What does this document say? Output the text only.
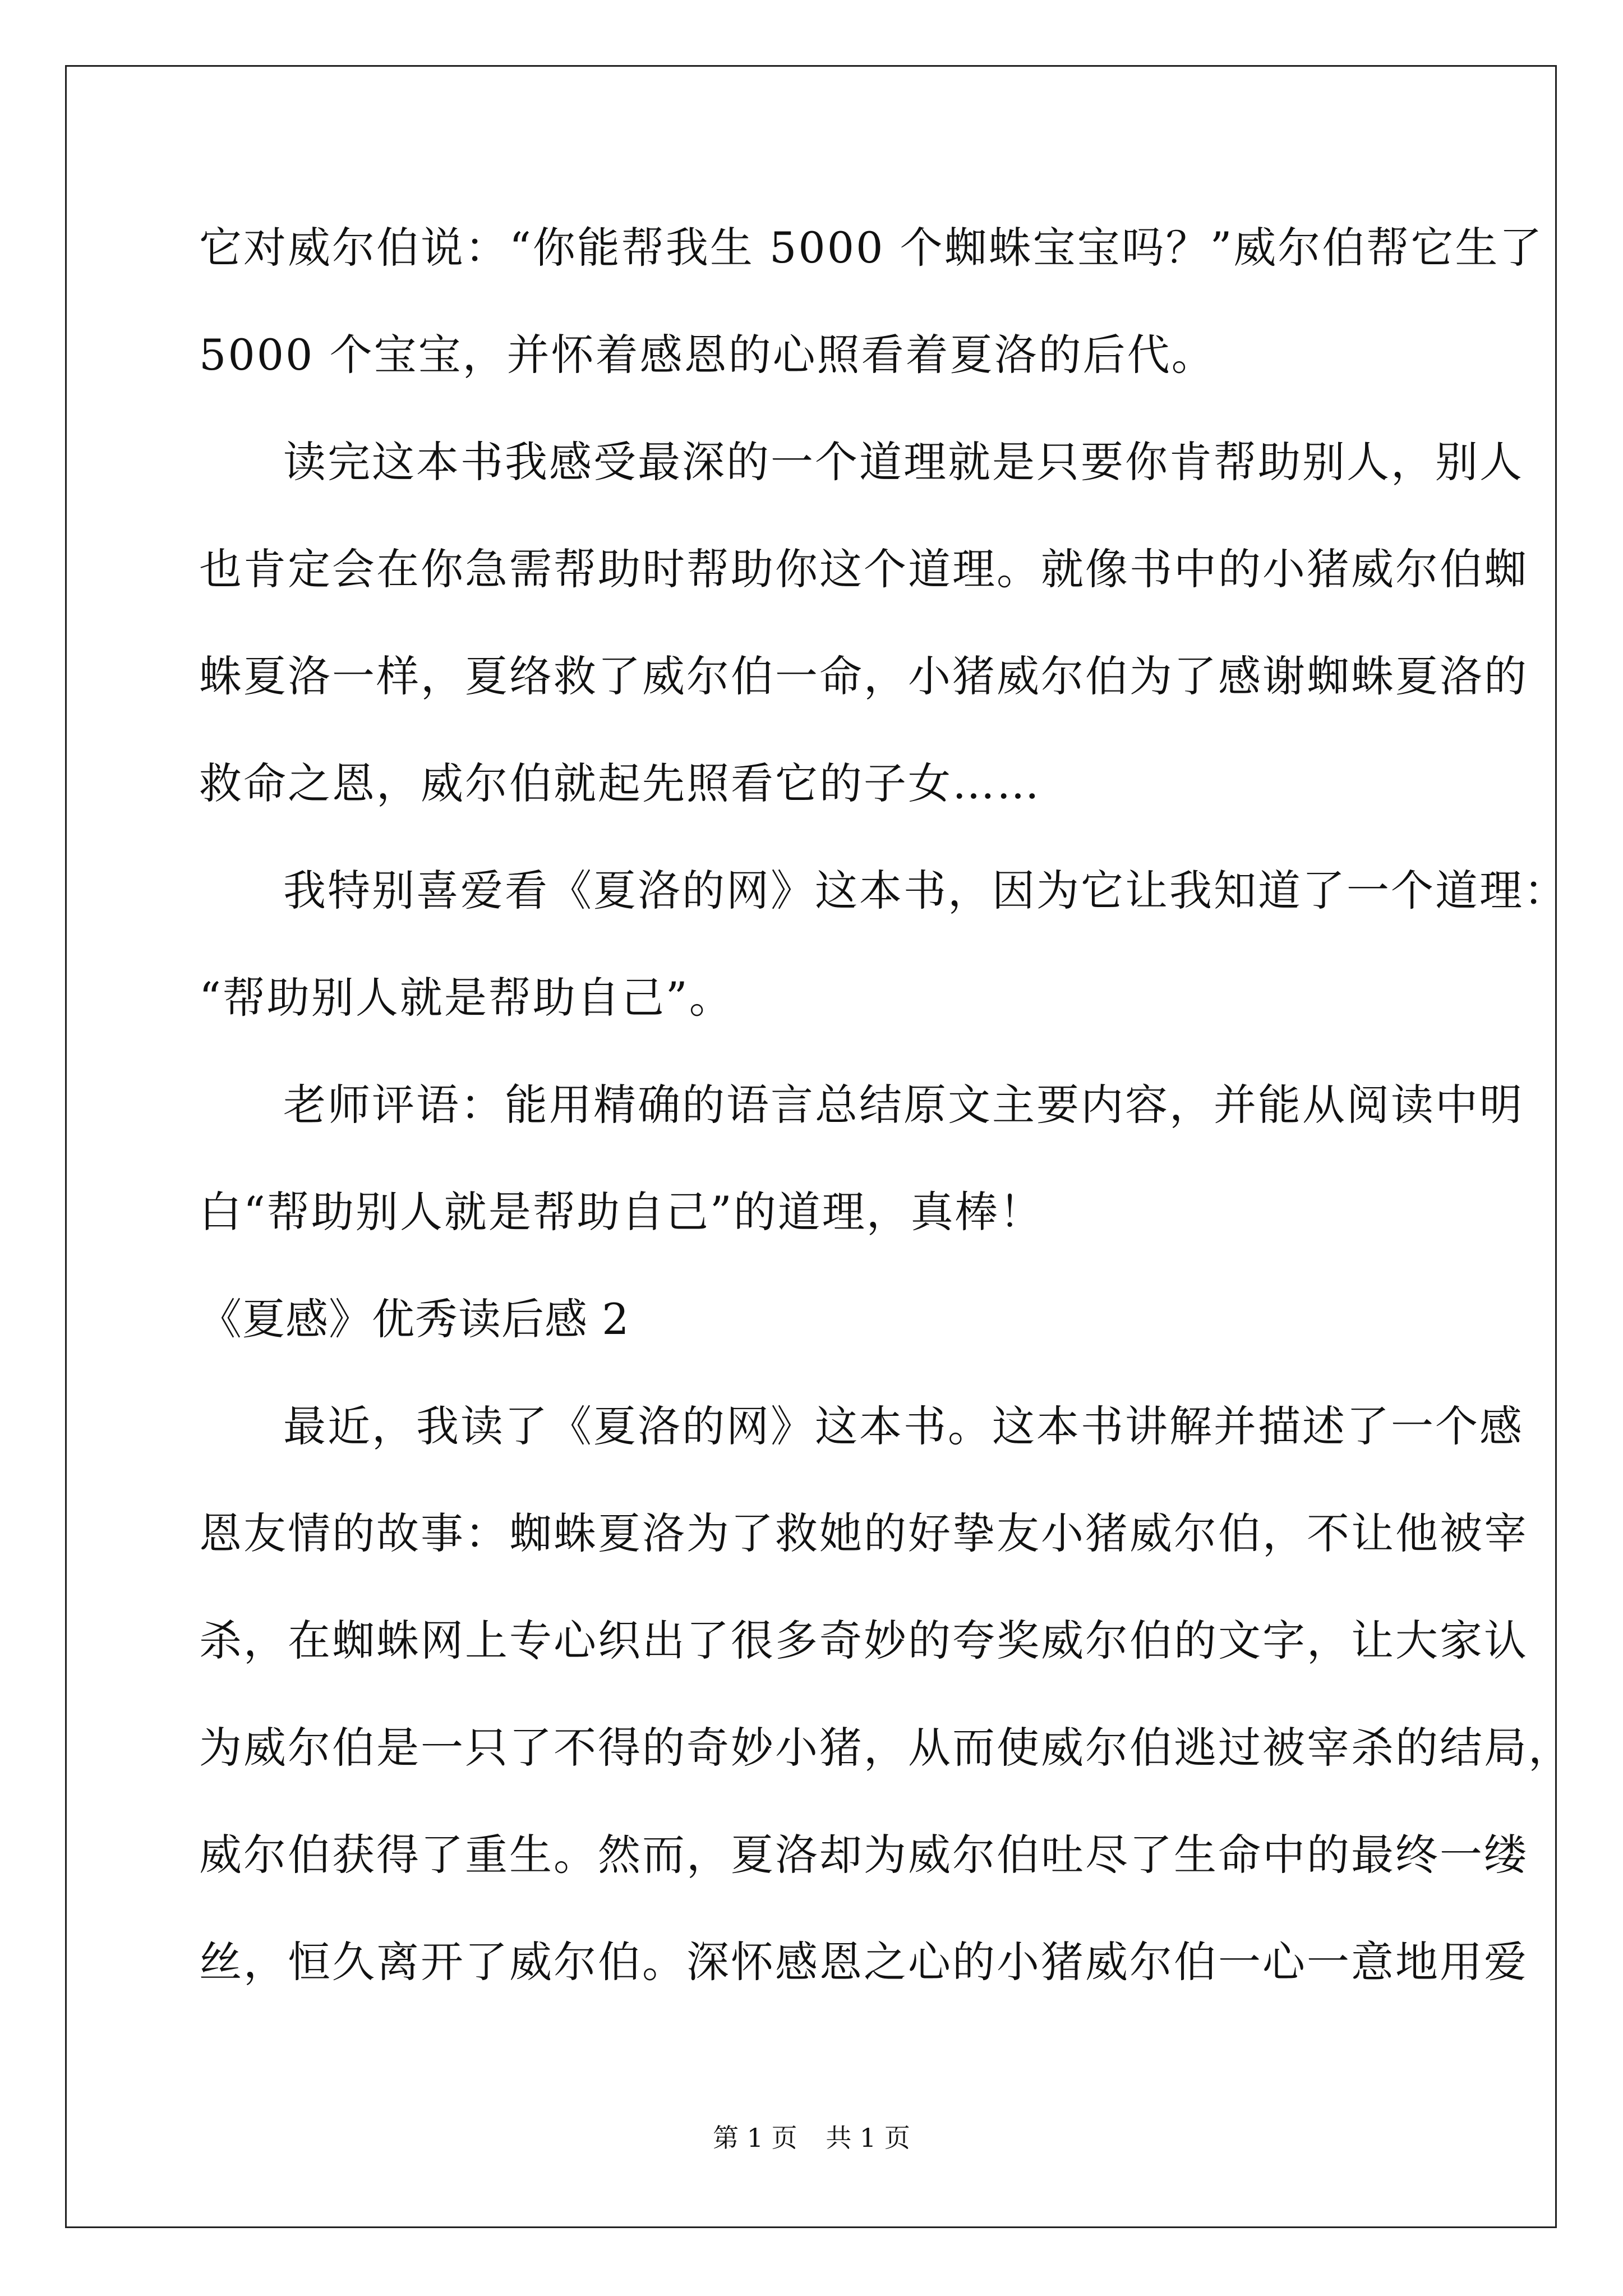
它对威尔伯说：“你能帮我生 5000 个蜘蛛宝宝吗？”威尔伯帮它生了
5000 个宝宝，并怀着感恩的心照看着夏洛的后代。
读完这本书我感受最深的一个道理就是只要你肯帮助别人，别人
也肯定会在你急需帮助时帮助你这个道理。就像书中的小猪威尔伯蜘
蛛夏洛一样，夏络救了威尔伯一命，小猪威尔伯为了感谢蜘蛛夏洛的
救命之恩，威尔伯就起先照看它的子女……
我特别喜爱看《夏洛的网》这本书，因为它让我知道了一个道理：
“帮助别人就是帮助自己”。
老师评语：能用精确的语言总结原文主要内容，并能从阅读中明
白“帮助别人就是帮助自己”的道理，真棒！
《夏感》优秀读后感 2
最近，我读了《夏洛的网》这本书。这本书讲解并描述了一个感
恩友情的故事：蜘蛛夏洛为了救她的好挚友小猪威尔伯，不让他被宰
杀，在蜘蛛网上专心织出了很多奇妙的夸奖威尔伯的文字，让大家认
为威尔伯是一只了不得的奇妙小猪，从而使威尔伯逃过被宰杀的结局，
威尔伯获得了重生。然而，夏洛却为威尔伯吐尽了生命中的最终一缕
丝，恒久离开了威尔伯。深怀感恩之心的小猪威尔伯一心一意地用爱
第 1 页 共 1 页
